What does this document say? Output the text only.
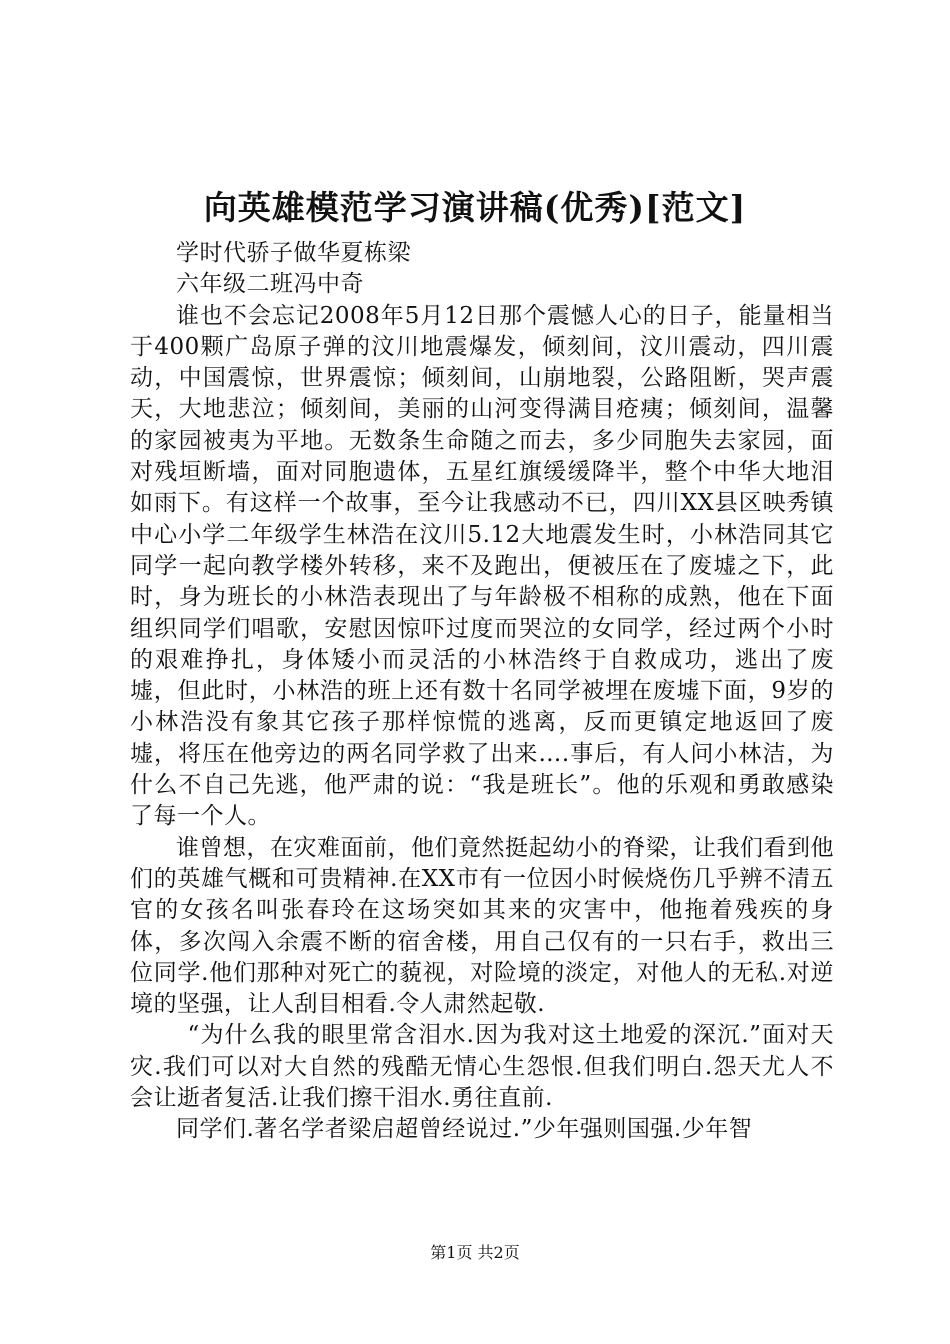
向英雄模范学习演讲稿(优秀)[范文]

学时代骄子做华夏栋梁

六年级二班冯中奇

谁也不会忘记2008年5月12日那个震憾人心的日子，能量相当于400颗广岛原子弹的汶川地震爆发，倾刻间，汶川震动，四川震动，中国震惊，世界震惊；倾刻间，山崩地裂，公路阻断，哭声震天，大地悲泣；倾刻间，美丽的山河变得满目疮痍；倾刻间，温馨的家园被夷为平地。无数条生命随之而去，多少同胞失去家园，面对残垣断墙，面对同胞遗体，五星红旗缓缓降半，整个中华大地泪如雨下。有这样一个故事，至今让我感动不已，四川XX县区映秀镇中心小学二年级学生林浩在汶川5.12大地震发生时，小林浩同其它同学一起向教学楼外转移，来不及跑出，便被压在了废墟之下，此时，身为班长的小林浩表现出了与年龄极不相称的成熟，他在下面组织同学们唱歌，安慰因惊吓过度而哭泣的女同学，经过两个小时的艰难挣扎，身体矮小而灵活的小林浩终于自救成功，逃出了废墟，但此时，小林浩的班上还有数十名同学被埋在废墟下面，9岁的小林浩没有象其它孩子那样惊慌的逃离，反而更镇定地返回了废墟，将压在他旁边的两名同学救了出来….事后，有人问小林洁，为什么不自己先逃，他严肃的说：“我是班长”。他的乐观和勇敢感染了每一个人。

谁曾想，在灾难面前，他们竟然挺起幼小的脊梁，让我们看到他们的英雄气概和可贵精神.在XX市有一位因小时候烧伤几乎辨不清五官的女孩名叫张春玲在这场突如其来的灾害中，他拖着残疾的身体，多次闯入余震不断的宿舍楼，用自己仅有的一只右手，救出三位同学.他们那种对死亡的藐视，对险境的淡定，对他人的无私.对逆境的坚强，让人刮目相看.令人肃然起敬.

“为什么我的眼里常含泪水.因为我对这土地爱的深沉.”面对天灾.我们可以对大自然的残酷无情心生怨恨.但我们明白.怨天尤人不会让逝者复活.让我们擦干泪水.勇往直前.

同学们.著名学者梁启超曾经说过.”少年强则国强.少年智

第1页 共2页
